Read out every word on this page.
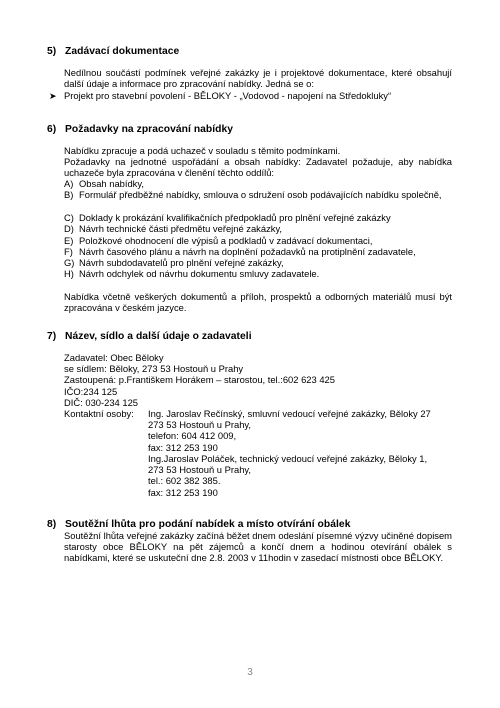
5) Zadávací dokumentace
Nedílnou součástí podmínek veřejné zakázky je i projektové dokumentace, které obsahují další údaje a informace pro zpracování nabídky. Jedná se o:
➤ Projekt pro stavební povolení - BĚLOKY - „Vodovod - napojení na Středokluky“
6) Požadavky na zpracování nabídky
Nabídku zpracuje a podá uchazeč v souladu s těmito podmínkami.
Požadavky na jednotné uspořádání a obsah nabídky: Zadavatel požaduje, aby nabídka uchazeče byla zpracována v členění těchto oddílů:
A) Obsah nabídky,
B) Formulář předběžné nabídky, smlouva o sdružení osob podávajících nabídku společně,
C) Doklady k prokázání kvalifikačních předpokladů pro plnění veřejné zakázky
D) Návrh technické části předmětu veřejné zakázky,
E) Položkové ohodnocení dle výpisů a podkladů v zadávací dokumentaci,
F) Návrh časového plánu a návrh na doplnění požadavků na protiplnění zadavatele,
G) Návrh subdodavatelů pro plnění veřejné zakázky,
H) Návrh odchylek od návrhu dokumentu smluvy zadavatele.
Nabídka včetně veškerých dokumentů a příloh, prospektů a odborných materiálů musí být zpracována v českém jazyce.
7) Název, sídlo a další údaje o zadavateli
Zadavatel: Obec Běloky
se sídlem: Běloky, 273 53 Hostouň u Prahy
Zastoupená: p.Františkem Horákem – starostou, tel.:602 623 425
IČO:234 125
DIČ: 030-234 125
Kontaktní osoby: Ing. Jaroslav Rečínský, smluvní vedoucí veřejné zakázky, Běloky 27
273 53 Hostouň u Prahy,
telefon: 604 412 009,
fax: 312 253 190
Ing.Jaroslav Poláček, technický vedoucí veřejné zakázky, Běloky 1,
273 53 Hostouň u Prahy,
tel.: 602 382 385.
fax: 312 253 190
8) Soutěžní lhůta pro podání nabídek a místo otvírání obálek
Soutěžní lhůta veřejné zakázky začíná běžet dnem odeslání písemné výzvy učiněné dopisem starosty obce BĚLOKY na pět zájemců a končí dnem a hodinou otevírání obálek s nabídkami, které se uskuteční dne 2.8. 2003 v 11hodin v zasedací místnosti obce BĚLOKY.
3
